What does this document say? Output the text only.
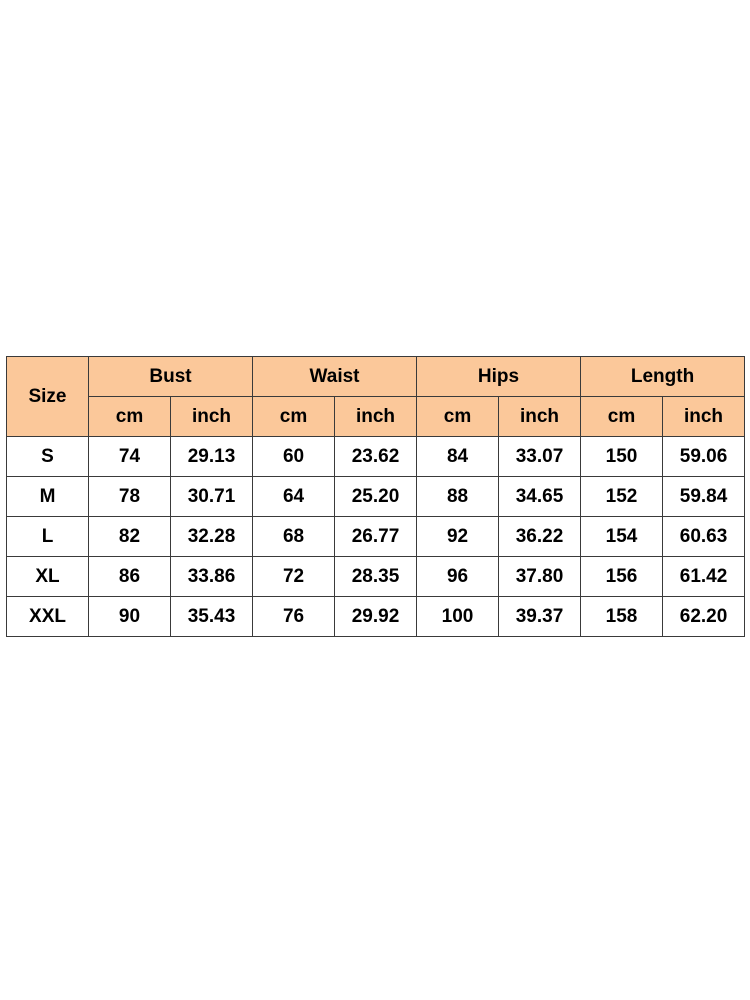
Size	Bust		Waist		Hips		Length	
	cm	inch	cm	inch	cm	inch	cm	inch
S	74	29.13	60	23.62	84	33.07	150	59.06
M	78	30.71	64	25.20	88	34.65	152	59.84
L	82	32.28	68	26.77	92	36.22	154	60.63
XL	86	33.86	72	28.35	96	37.80	156	61.42
XXL	90	35.43	76	29.92	100	39.37	158	62.20
